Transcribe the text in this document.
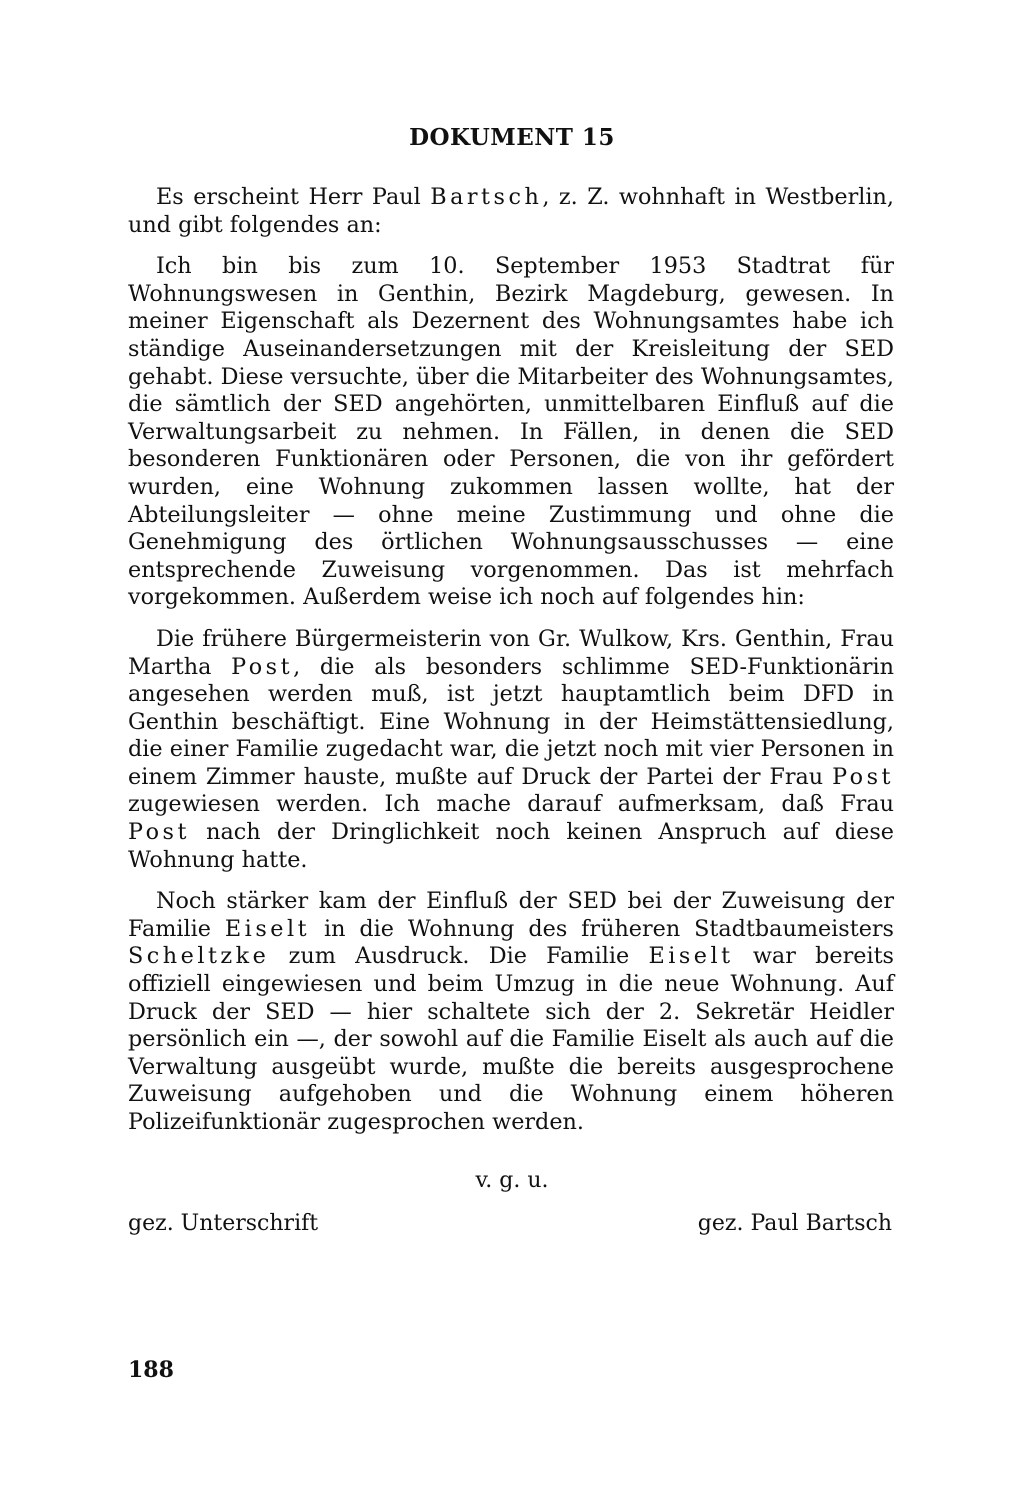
DOKUMENT 15

Es erscheint Herr Paul Bartsch, z. Z. wohnhaft in Westberlin, und gibt folgendes an:

Ich bin bis zum 10. September 1953 Stadtrat für Wohnungswesen in Genthin, Bezirk Magdeburg, gewesen. In meiner Eigenschaft als Dezernent des Wohnungsamtes habe ich ständige Auseinandersetzungen mit der Kreisleitung der SED gehabt. Diese versuchte, über die Mitarbeiter des Wohnungsamtes, die sämtlich der SED angehörten, unmittelbaren Einfluß auf die Verwaltungsarbeit zu nehmen. In Fällen, in denen die SED besonderen Funktionären oder Personen, die von ihr gefördert wurden, eine Wohnung zukommen lassen wollte, hat der Abteilungsleiter — ohne meine Zustimmung und ohne die Genehmigung des örtlichen Wohnungsausschusses — eine entsprechende Zuweisung vorgenommen. Das ist mehrfach vorgekommen. Außerdem weise ich noch auf folgendes hin:

Die frühere Bürgermeisterin von Gr. Wulkow, Krs. Genthin, Frau Martha Post, die als besonders schlimme SED-Funktionärin angesehen werden muß, ist jetzt hauptamtlich beim DFD in Genthin beschäftigt. Eine Wohnung in der Heimstättensiedlung, die einer Familie zugedacht war, die jetzt noch mit vier Personen in einem Zimmer hauste, mußte auf Druck der Partei der Frau Post zugewiesen werden. Ich mache darauf aufmerksam, daß Frau Post nach der Dringlichkeit noch keinen Anspruch auf diese Wohnung hatte.

Noch stärker kam der Einfluß der SED bei der Zuweisung der Familie Eiselt in die Wohnung des früheren Stadtbaumeisters Scheltzke zum Ausdruck. Die Familie Eiselt war bereits offiziell eingewiesen und beim Umzug in die neue Wohnung. Auf Druck der SED — hier schaltete sich der 2. Sekretär Heidler persönlich ein —, der sowohl auf die Familie Eiselt als auch auf die Verwaltung ausgeübt wurde, mußte die bereits ausgesprochene Zuweisung aufgehoben und die Wohnung einem höheren Polizeifunktionär zugesprochen werden.

v. g. u.

gez. Unterschrift	gez. Paul Bartsch

188
